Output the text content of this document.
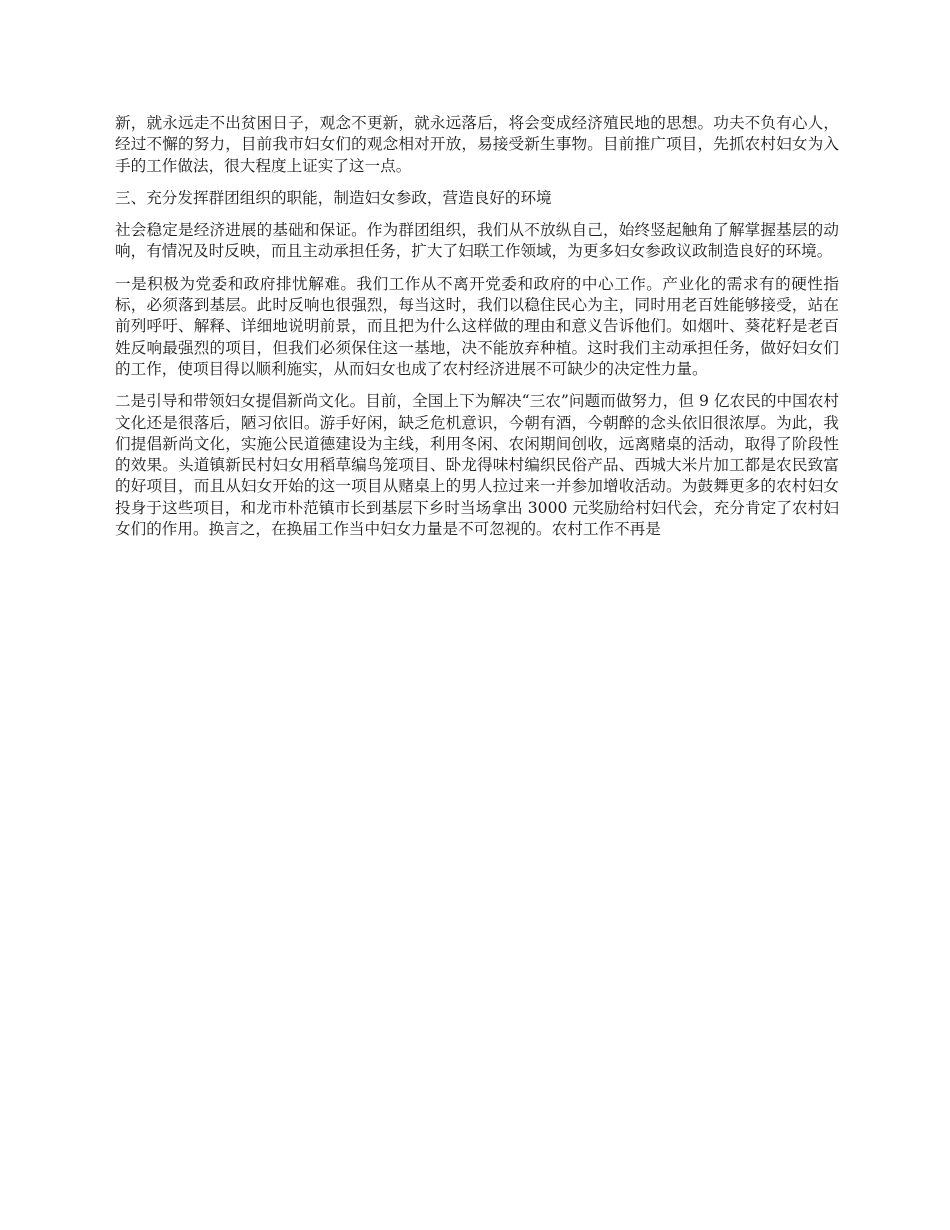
新，就永远走不出贫困日子，观念不更新，就永远落后，将会变成经济殖民地的思想。功夫不负有心人，经过不懈的努力，目前我市妇女们的观念相对开放，易接受新生事物。目前推广项目，先抓农村妇女为入手的工作做法，很大程度上证实了这一点。

三、充分发挥群团组织的职能，制造妇女参政，营造良好的环境

社会稳定是经济进展的基础和保证。作为群团组织，我们从不放纵自己，始终竖起触角了解掌握基层的动响，有情况及时反映，而且主动承担任务，扩大了妇联工作领域，为更多妇女参政议政制造良好的环境。

一是积极为党委和政府排忧解难。我们工作从不离开党委和政府的中心工作。产业化的需求有的硬性指标，必须落到基层。此时反响也很强烈，每当这时，我们以稳住民心为主，同时用老百姓能够接受，站在前列呼吁、解释、详细地说明前景，而且把为什么这样做的理由和意义告诉他们。如烟叶、葵花籽是老百姓反响最强烈的项目，但我们必须保住这一基地，决不能放弃种植。这时我们主动承担任务，做好妇女们的工作，使项目得以顺利施实，从而妇女也成了农村经济进展不可缺少的决定性力量。

二是引导和带领妇女提倡新尚文化。目前，全国上下为解决“三农”问题而做努力，但 9 亿农民的中国农村文化还是很落后，陋习依旧。游手好闲，缺乏危机意识，今朝有酒，今朝醉的念头依旧很浓厚。为此，我们提倡新尚文化，实施公民道德建设为主线，利用冬闲、农闲期间创收，远离赌桌的活动，取得了阶段性的效果。头道镇新民村妇女用稻草编鸟笼项目、卧龙得味村编织民俗产品、西城大米片加工都是农民致富的好项目，而且从妇女开始的这一项目从赌桌上的男人拉过来一并参加增收活动。为鼓舞更多的农村妇女投身于这些项目，和龙市朴范镇市长到基层下乡时当场拿出 3000 元奖励给村妇代会，充分肯定了农村妇女们的作用。换言之，在换届工作当中妇女力量是不可忽视的。农村工作不再是
